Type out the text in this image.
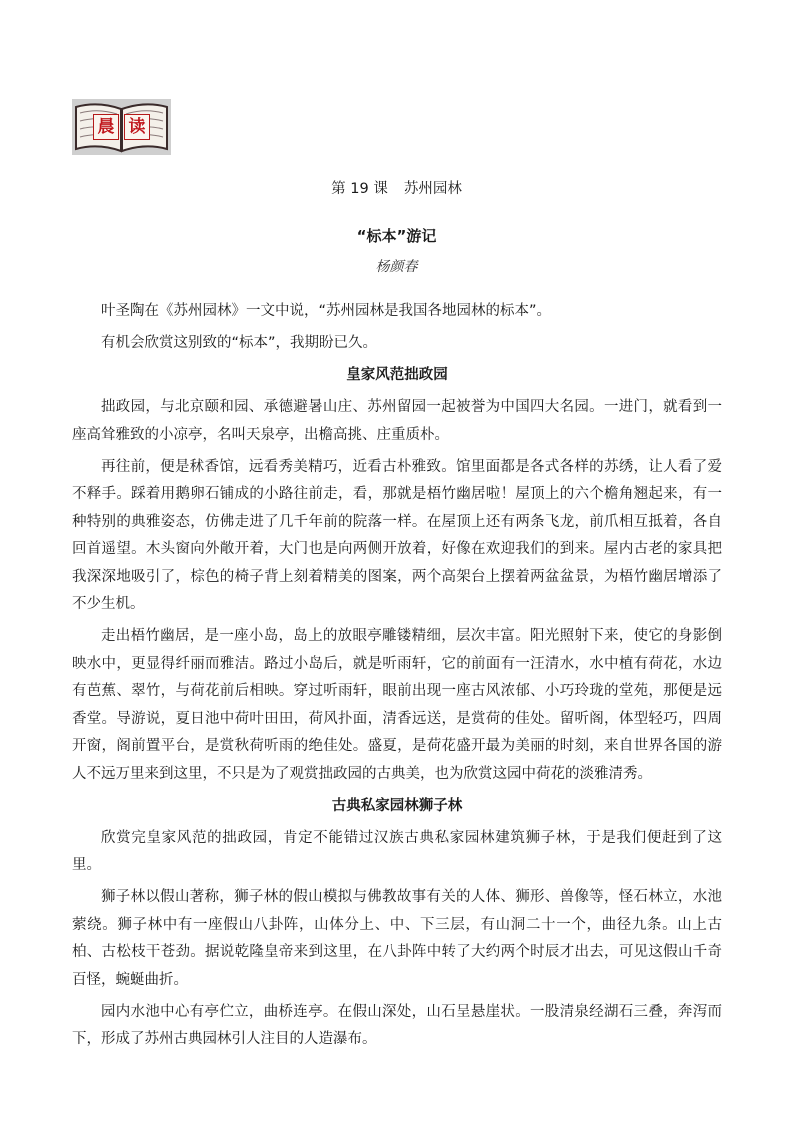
晨 读
第 19 课 苏州园林
“标本”游记
杨颜春

叶圣陶在《苏州园林》一文中说，“苏州园林是我国各地园林的标本”。

有机会欣赏这别致的“标本”，我期盼已久。

皇家风范拙政园

拙政园，与北京颐和园、承德避暑山庄、苏州留园一起被誉为中国四大名园。一进门，就看到一座高耸雅致的小凉亭，名叫天泉亭，出檐高挑、庄重质朴。

再往前，便是秫香馆，远看秀美精巧，近看古朴雅致。馆里面都是各式各样的苏绣，让人看了爱不释手。踩着用鹅卵石铺成的小路往前走，看，那就是梧竹幽居啦！屋顶上的六个檐角翘起来，有一种特别的典雅姿态，仿佛走进了几千年前的院落一样。在屋顶上还有两条飞龙，前爪相互抵着，各自回首遥望。木头窗向外敞开着，大门也是向两侧开放着，好像在欢迎我们的到来。屋内古老的家具把我深深地吸引了，棕色的椅子背上刻着精美的图案，两个高架台上摆着两盆盆景，为梧竹幽居增添了不少生机。

走出梧竹幽居，是一座小岛，岛上的放眼亭雕镂精细，层次丰富。阳光照射下来，使它的身影倒映水中，更显得纤丽而雅洁。路过小岛后，就是听雨轩，它的前面有一汪清水，水中植有荷花，水边有芭蕉、翠竹，与荷花前后相映。穿过听雨轩，眼前出现一座古风浓郁、小巧玲珑的堂苑，那便是远香堂。导游说，夏日池中荷叶田田，荷风扑面，清香远送，是赏荷的佳处。留听阁，体型轻巧，四周开窗，阁前置平台，是赏秋荷听雨的绝佳处。盛夏，是荷花盛开最为美丽的时刻，来自世界各国的游人不远万里来到这里，不只是为了观赏拙政园的古典美，也为欣赏这园中荷花的淡雅清秀。

古典私家园林狮子林

欣赏完皇家风范的拙政园，肯定不能错过汉族古典私家园林建筑狮子林，于是我们便赶到了这里。

狮子林以假山著称，狮子林的假山模拟与佛教故事有关的人体、狮形、兽像等，怪石林立，水池萦绕。狮子林中有一座假山八卦阵，山体分上、中、下三层，有山洞二十一个，曲径九条。山上古柏、古松枝干苍劲。据说乾隆皇帝来到这里，在八卦阵中转了大约两个时辰才出去，可见这假山千奇百怪，蜿蜒曲折。

园内水池中心有亭伫立，曲桥连亭。在假山深处，山石呈悬崖状。一股清泉经湖石三叠，奔泻而下，形成了苏州古典园林引人注目的人造瀑布。
